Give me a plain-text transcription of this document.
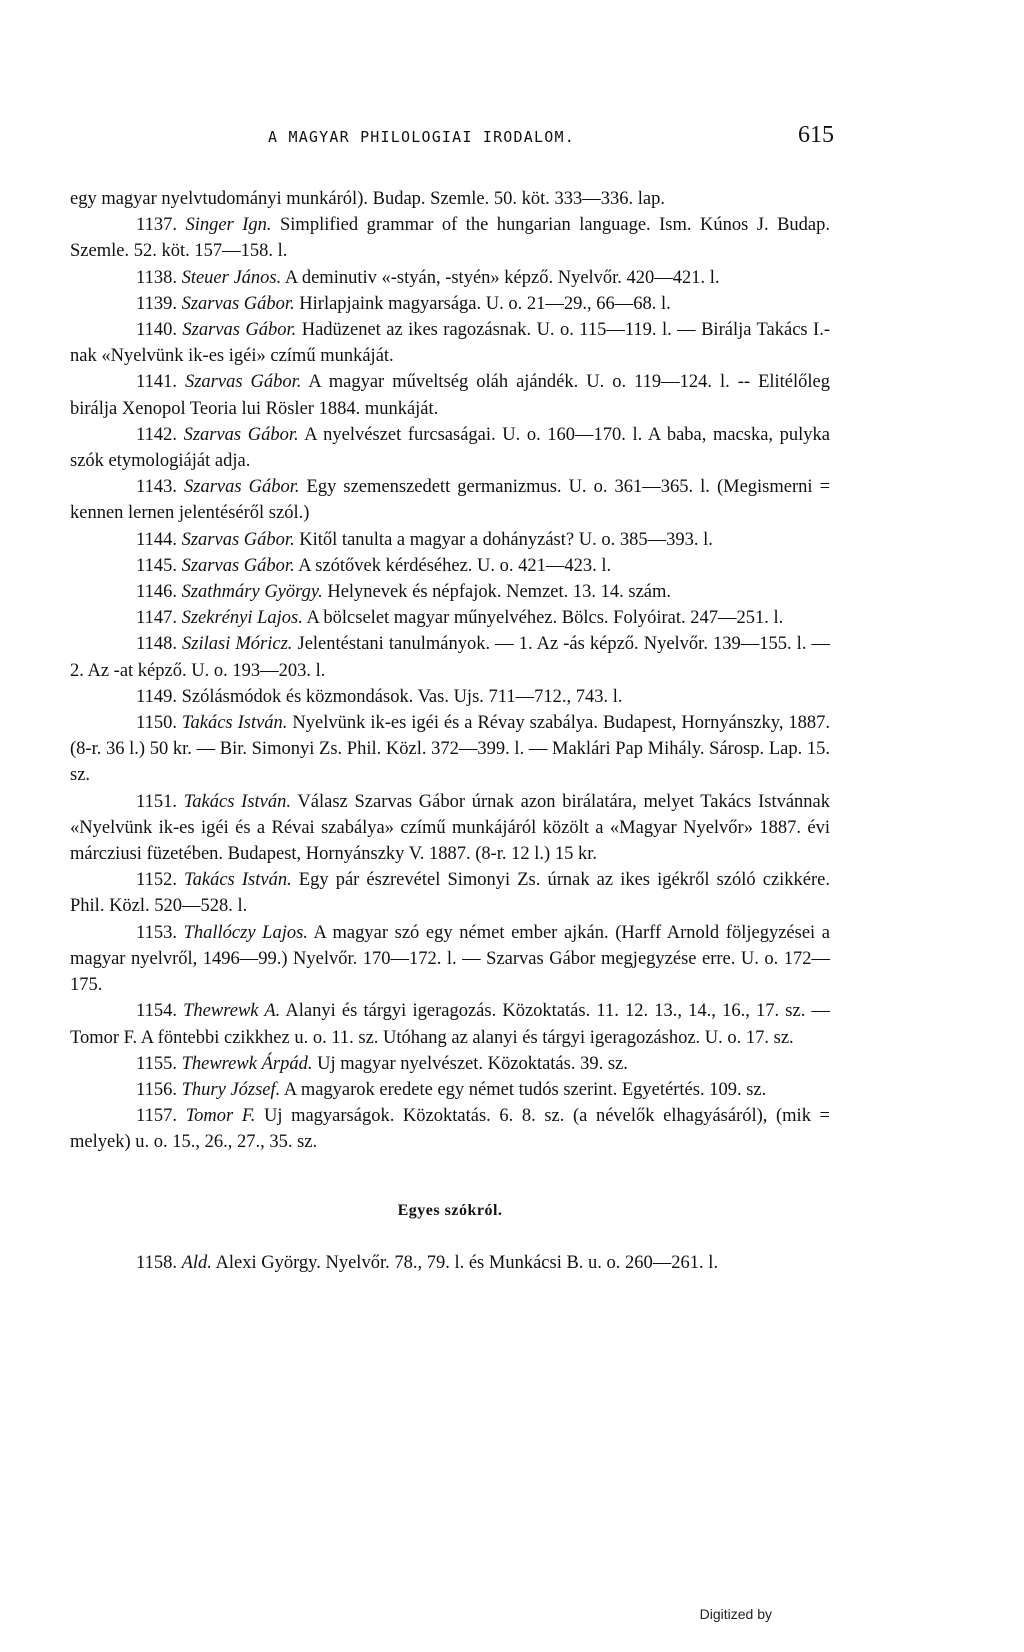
A MAGYAR PHILOLOGIAI IRODALOM.	615

egy magyar nyelvtudományi munkáról). Budap. Szemle. 50. köt. 333—336. lap.

1137. Singer Ign. Simplified grammar of the hungarian language. Ism. Kúnos J. Budap. Szemle. 52. köt. 157—158. l.

1138. Steuer János. A deminutiv «-styán, -styén» képző. Nyelvőr. 420—421. l.

1139. Szarvas Gábor. Hirlapjaink magyarsága. U. o. 21—29., 66—68. l.

1140. Szarvas Gábor. Hadüzenet az ikes ragozásnak. U. o. 115—119. l. — Birálja Takács I.-nak «Nyelvünk ik-es igéi» czímű munkáját.

1141. Szarvas Gábor. A magyar műveltség oláh ajándék. U. o. 119—124. l. -- Elitélőleg birálja Xenopol Teoria lui Rösler 1884. munkáját.

1142. Szarvas Gábor. A nyelvészet furcsaságai. U. o. 160—170. l. A baba, macska, pulyka szók etymologiáját adja.

1143. Szarvas Gábor. Egy szemenszedett germanizmus. U. o. 361—365. l. (Megismerni = kennen lernen jelentéséről szól.)

1144. Szarvas Gábor. Kitől tanulta a magyar a dohányzást? U. o. 385—393. l.

1145. Szarvas Gábor. A szótővek kérdéséhez. U. o. 421—423. l.

1146. Szathmáry György. Helynevek és népfajok. Nemzet. 13. 14. szám.

1147. Szekrényi Lajos. A bölcselet magyar műnyelvéhez. Bölcs. Folyóirat. 247—251. l.

1148. Szilasi Móricz. Jelentéstani tanulmányok. — 1. Az -ás képző. Nyelvőr. 139—155. l. — 2. Az -at képző. U. o. 193—203. l.

1149. Szólásmódok és közmondások. Vas. Ujs. 711—712., 743. l.

1150. Takács István. Nyelvünk ik-es igéi és a Révay szabálya. Budapest, Hornyánszky, 1887. (8-r. 36 l.) 50 kr. — Bir. Simonyi Zs. Phil. Közl. 372—399. l. — Maklári Pap Mihály. Sárosp. Lap. 15. sz.

1151. Takács István. Válasz Szarvas Gábor úrnak azon birálatára, melyet Takács Istvánnak «Nyelvünk ik-es igéi és a Révai szabálya» czímű munkájáról közölt a «Magyar Nyelvőr» 1887. évi márcziusi füzetében. Budapest, Hornyánszky V. 1887. (8-r. 12 l.) 15 kr.

1152. Takács István. Egy pár észrevétel Simonyi Zs. úrnak az ikes igékről szóló czikkére. Phil. Közl. 520—528. l.

1153. Thallóczy Lajos. A magyar szó egy német ember ajkán. (Harff Arnold följegyzései a magyar nyelvről, 1496—99.) Nyelvőr. 170—172. l. — Szarvas Gábor megjegyzése erre. U. o. 172—175.

1154. Thewrewk A. Alanyi és tárgyi igeragozás. Közoktatás. 11. 12. 13., 14., 16., 17. sz. — Tomor F. A föntebbi czikkhez u. o. 11. sz. Utóhang az alanyi és tárgyi igeragozáshoz. U. o. 17. sz.

1155. Thewrewk Árpád. Uj magyar nyelvészet. Közoktatás. 39. sz.

1156. Thury József. A magyarok eredete egy német tudós szerint. Egyetértés. 109. sz.

1157. Tomor F. Uj magyarságok. Közoktatás. 6. 8. sz. (a névelők elhagyásáról), (mik = melyek) u. o. 15., 26., 27., 35. sz.

Egyes szókról.

1158. Ald. Alexi György. Nyelvőr. 78., 79. l. és Munkácsi B. u. o. 260—261. l.

Digitized by
